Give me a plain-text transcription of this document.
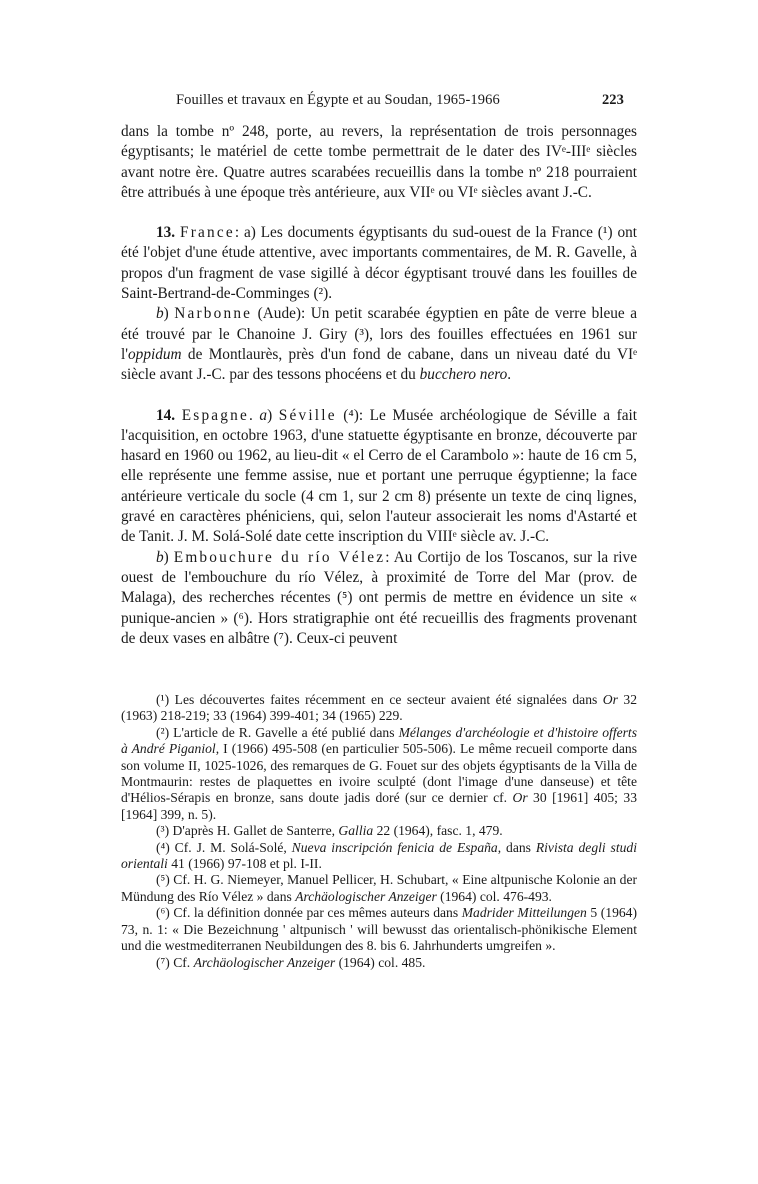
Fouilles et travaux en Égypte et au Soudan, 1965-1966	223

dans la tombe nº 248, porte, au revers, la représentation de trois personnages égyptisants; le matériel de cette tombe permettrait de le dater des IVᵉ-IIIᵉ siècles avant notre ère. Quatre autres scarabées recueillis dans la tombe nº 218 pourraient être attribués à une époque très antérieure, aux VIIᵉ ou VIᵉ siècles avant J.-C.

13. France: a) Les documents égyptisants du sud-ouest de la France (¹) ont été l'objet d'une étude attentive, avec importants commentaires, de M. R. Gavelle, à propos d'un fragment de vase sigillé à décor égyptisant trouvé dans les fouilles de Saint-Bertrand-de-Comminges (²).

b) Narbonne (Aude): Un petit scarabée égyptien en pâte de verre bleue a été trouvé par le Chanoine J. Giry (³), lors des fouilles effectuées en 1961 sur l'oppidum de Montlaurès, près d'un fond de cabane, dans un niveau daté du VIᵉ siècle avant J.-C. par des tessons phocéens et du bucchero nero.

14. Espagne. a) Séville (⁴): Le Musée archéologique de Séville a fait l'acquisition, en octobre 1963, d'une statuette égyptisante en bronze, découverte par hasard en 1960 ou 1962, au lieu-dit « el Cerro de el Carambolo »: haute de 16 cm 5, elle représente une femme assise, nue et portant une perruque égyptienne; la face antérieure verticale du socle (4 cm 1, sur 2 cm 8) présente un texte de cinq lignes, gravé en caractères phéniciens, qui, selon l'auteur associerait les noms d'Astarté et de Tanit. J. M. Solá-Solé date cette inscription du VIIIᵉ siècle av. J.-C.

b) Embouchure du río Vélez: Au Cortijo de los Toscanos, sur la rive ouest de l'embouchure du río Vélez, à proximité de Torre del Mar (prov. de Malaga), des recherches récentes (⁵) ont permis de mettre en évidence un site « punique-ancien » (⁶). Hors stratigraphie ont été recueillis des fragments provenant de deux vases en albâtre (⁷). Ceux-ci peuvent

(¹) Les découvertes faites récemment en ce secteur avaient été signalées dans Or 32 (1963) 218-219; 33 (1964) 399-401; 34 (1965) 229.

(²) L'article de R. Gavelle a été publié dans Mélanges d'archéologie et d'histoire offerts à André Piganiol, I (1966) 495-508 (en particulier 505-506). Le même recueil comporte dans son volume II, 1025-1026, des remarques de G. Fouet sur des objets égyptisants de la Villa de Montmaurin: restes de plaquettes en ivoire sculpté (dont l'image d'une danseuse) et tête d'Hélios-Sérapis en bronze, sans doute jadis doré (sur ce dernier cf. Or 30 [1961] 405; 33 [1964] 399, n. 5).

(³) D'après H. Gallet de Santerre, Gallia 22 (1964), fasc. 1, 479.

(⁴) Cf. J. M. Solá-Solé, Nueva inscripción fenicia de España, dans Rivista degli studi orientali 41 (1966) 97-108 et pl. I-II.

(⁵) Cf. H. G. Niemeyer, Manuel Pellicer, H. Schubart, « Eine altpunische Kolonie an der Mündung des Río Vélez » dans Archäologischer Anzeiger (1964) col. 476-493.

(⁶) Cf. la définition donnée par ces mêmes auteurs dans Madrider Mitteilungen 5 (1964) 73, n. 1: « Die Bezeichnung ' altpunisch ' will bewusst das orientalisch-phönikische Element und die westmediterranen Neubildungen des 8. bis 6. Jahrhunderts umgreifen ».

(⁷) Cf. Archäologischer Anzeiger (1964) col. 485.
